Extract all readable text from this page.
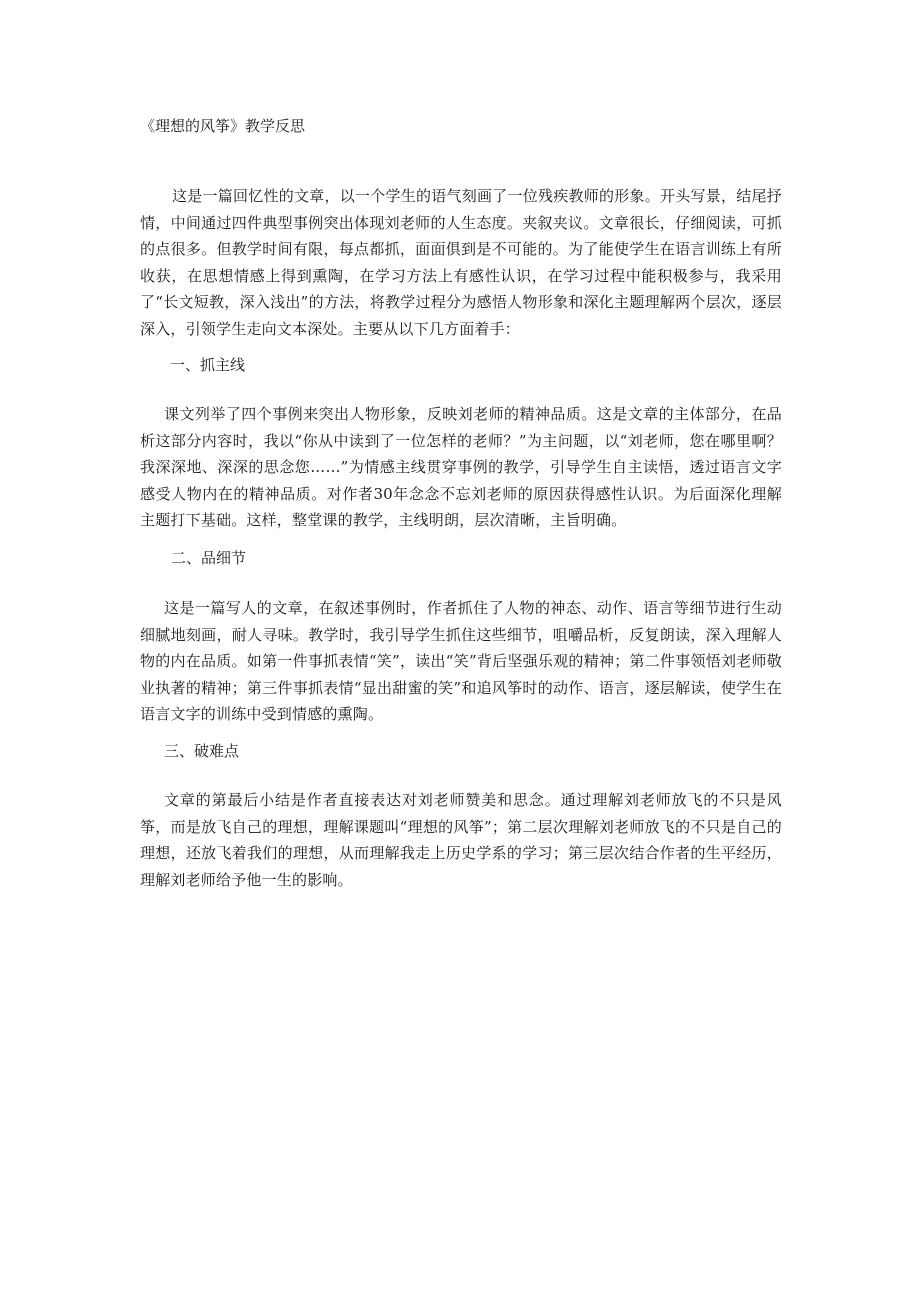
《理想的风筝》教学反思

这是一篇回忆性的文章，以一个学生的语气刻画了一位残疾教师的形象。开头写景，结尾抒情，中间通过四件典型事例突出体现刘老师的人生态度。夹叙夹议。文章很长，仔细阅读，可抓的点很多。但教学时间有限，每点都抓，面面俱到是不可能的。为了能使学生在语言训练上有所收获，在思想情感上得到熏陶，在学习方法上有感性认识，在学习过程中能积极参与，我采用了“长文短教，深入浅出”的方法，将教学过程分为感悟人物形象和深化主题理解两个层次，逐层深入，引领学生走向文本深处。主要从以下几方面着手：

一、抓主线

课文列举了四个事例来突出人物形象，反映刘老师的精神品质。这是文章的主体部分，在品析这部分内容时，我以“你从中读到了一位怎样的老师？”为主问题，以“刘老师，您在哪里啊？我深深地、深深的思念您……”为情感主线贯穿事例的教学，引导学生自主读悟，透过语言文字感受人物内在的精神品质。对作者30年念念不忘刘老师的原因获得感性认识。为后面深化理解主题打下基础。这样，整堂课的教学，主线明朗，层次清晰，主旨明确。

二、品细节

这是一篇写人的文章，在叙述事例时，作者抓住了人物的神态、动作、语言等细节进行生动细腻地刻画，耐人寻味。教学时，我引导学生抓住这些细节，咀嚼品析，反复朗读，深入理解人物的内在品质。如第一件事抓表情“笑”，读出“笑”背后坚强乐观的精神；第二件事领悟刘老师敬业执著的精神；第三件事抓表情“显出甜蜜的笑”和追风筝时的动作、语言，逐层解读，使学生在语言文字的训练中受到情感的熏陶。

三、破难点

文章的第最后小结是作者直接表达对刘老师赞美和思念。通过理解刘老师放飞的不只是风筝，而是放飞自己的理想，理解课题叫“理想的风筝”；第二层次理解刘老师放飞的不只是自己的理想，还放飞着我们的理想，从而理解我走上历史学系的学习；第三层次结合作者的生平经历，理解刘老师给予他一生的影响。
